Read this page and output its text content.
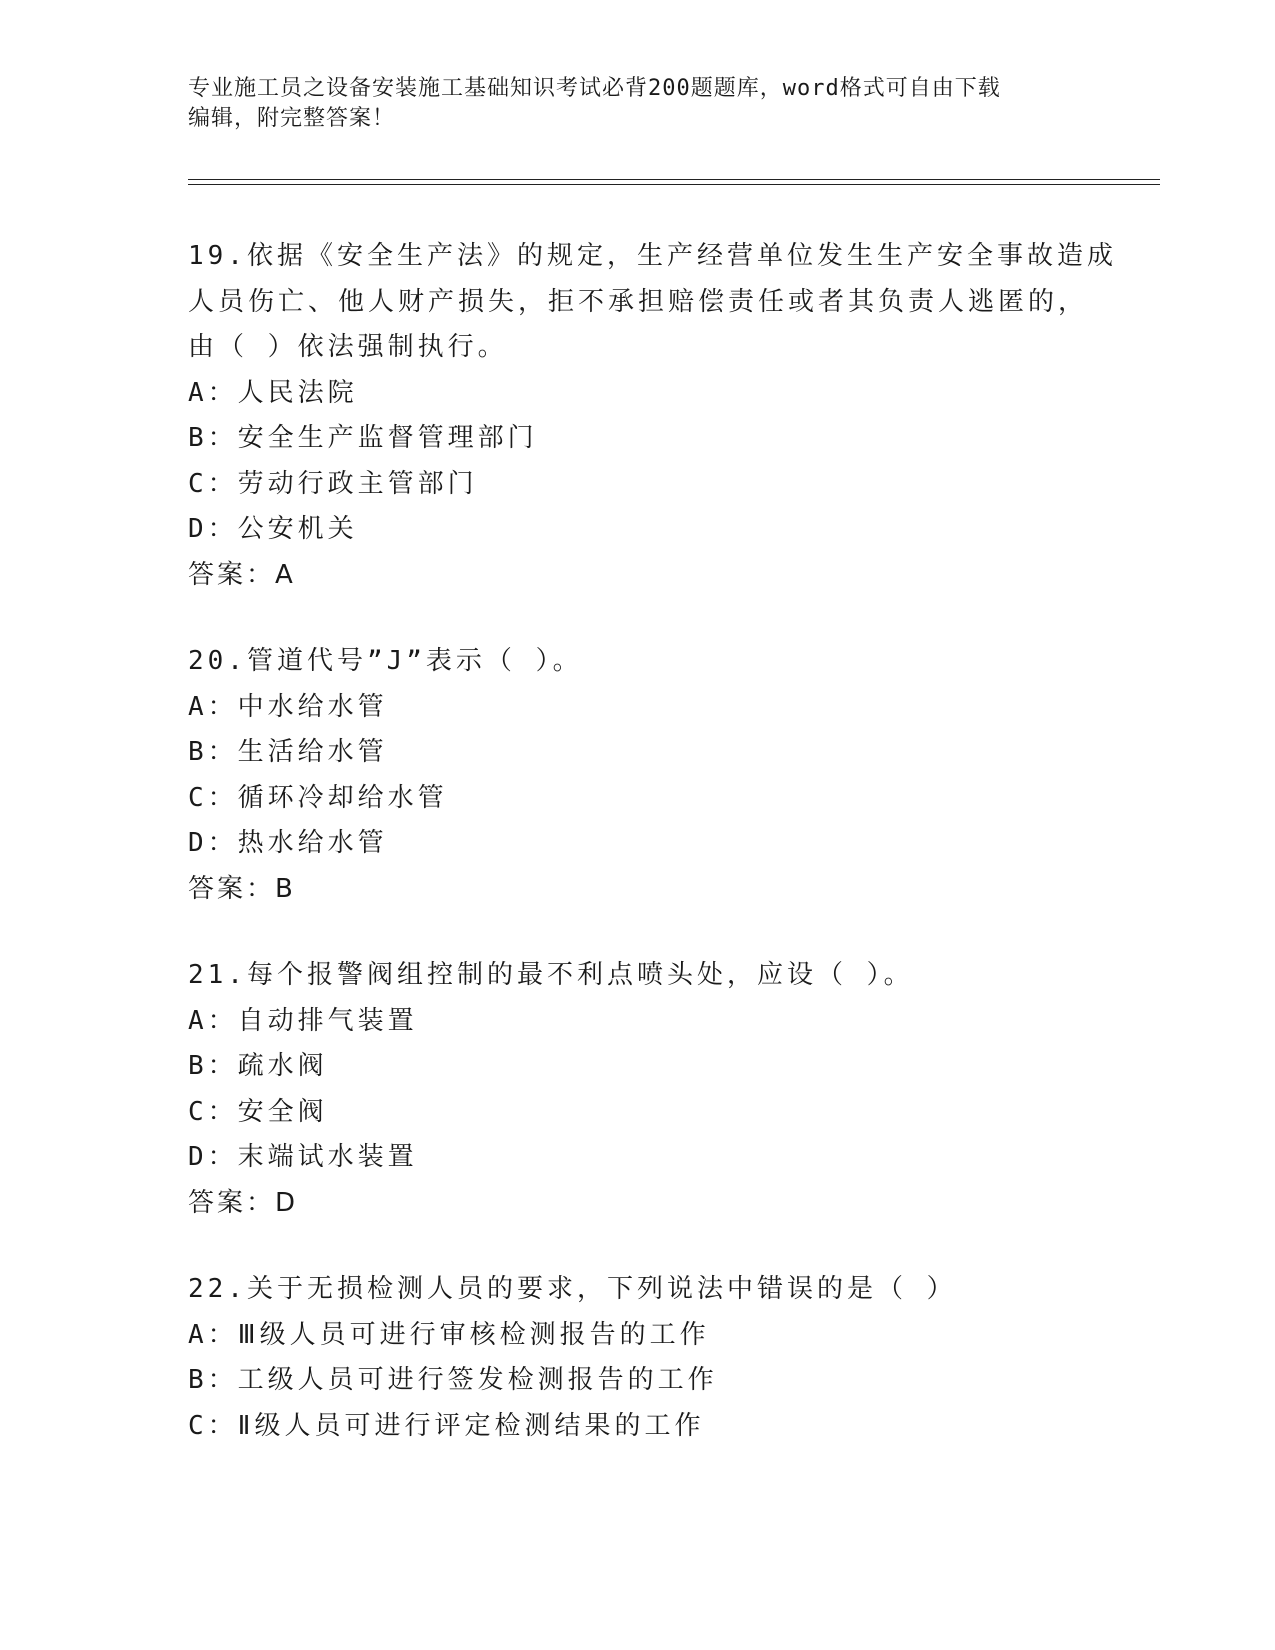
专业施工员之设备安装施工基础知识考试必背200题题库，word格式可自由下载
编辑，附完整答案！
19.依据《安全生产法》的规定，生产经营单位发生生产安全事故造成
人员伤亡、他人财产损失，拒不承担赔偿责任或者其负责人逃匿的，
由（ ）依法强制执行。
A：人民法院
B：安全生产监督管理部门
C：劳动行政主管部门
D：公安机关
答案：A
20.管道代号”J”表示（ ）。
A：中水给水管
B：生活给水管
C：循环冷却给水管
D：热水给水管
答案：B
21.每个报警阀组控制的最不利点喷头处，应设（ ）。
A：自动排气装置
B：疏水阀
C：安全阀
D：末端试水装置
答案：D
22.关于无损检测人员的要求，下列说法中错误的是（ ）
A：Ⅲ级人员可进行审核检测报告的工作
B：工级人员可进行签发检测报告的工作
C：Ⅱ级人员可进行评定检测结果的工作
